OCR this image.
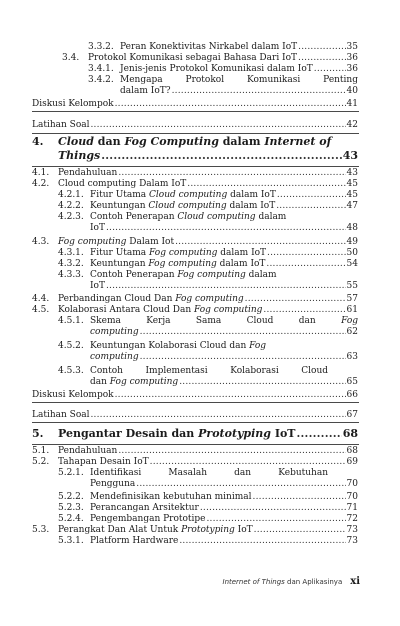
3.3.2. Peran Konektivitas Nirkabel dalam IoT .....	35
3.4. Protokol Komunikasi sebagai Bahasa Dari IoT .....	36
3.4.1. Jenis-jenis Protokol Komunikasi dalam IoT .....	36
3.4.2. Mengapa Protokol Komunikasi Penting
dalam IoT? .....	40
Diskusi Kelompok .....	41
Latihan Soal .....	42
4. Cloud dan Fog Computing dalam Internet of
Things .....	43
4.1. Pendahuluan .....	43
4.2. Cloud computing Dalam IoT .....	45
4.2.1. Fitur Utama Cloud computing dalam IoT .....	45
4.2.2. Keuntungan Cloud computing dalam IoT .....	47
4.2.3. Contoh Penerapan Cloud computing dalam
IoT .....	48
4.3. Fog computing Dalam Iot .....	49
4.3.1. Fitur Utama Fog computing dalam IoT .....	50
4.3.2. Keuntungan Fog computing dalam IoT .....	54
4.3.3. Contoh Penerapan Fog computing dalam
IoT .....	55
4.4. Perbandingan Cloud Dan Fog computing .....	57
4.5. Kolaborasi Antara Cloud Dan Fog computing .....	61
4.5.1. Skema Kerja Sama Cloud dan Fog
computing .....	62
4.5.2. Keuntungan Kolaborasi Cloud dan Fog
computing .....	63
4.5.3. Contoh Implementasi Kolaborasi Cloud
dan Fog computing .....	65
Diskusi Kelompok .....	66
Latihan Soal .....	67
5.	Pengantar Desain dan Prototyping IoT .....	68
5.1. Pendahuluan .....	68
5.2. Tahapan Desain IoT .....	69
5.2.1. Identifikasi Masalah dan Kebutuhan
Pengguna .....	70
5.2.2. Mendefinisikan kebutuhan minimal .....	70
5.2.3. Perancangan Arsitektur .....	71
5.2.4. Pengembangan Prototipe .....	72
5.3. Perangkat Dan Alat Untuk Prototyping IoT .....	73
5.3.1. Platform Hardware .....	73
Internet of Things dan Aplikasinya xi
